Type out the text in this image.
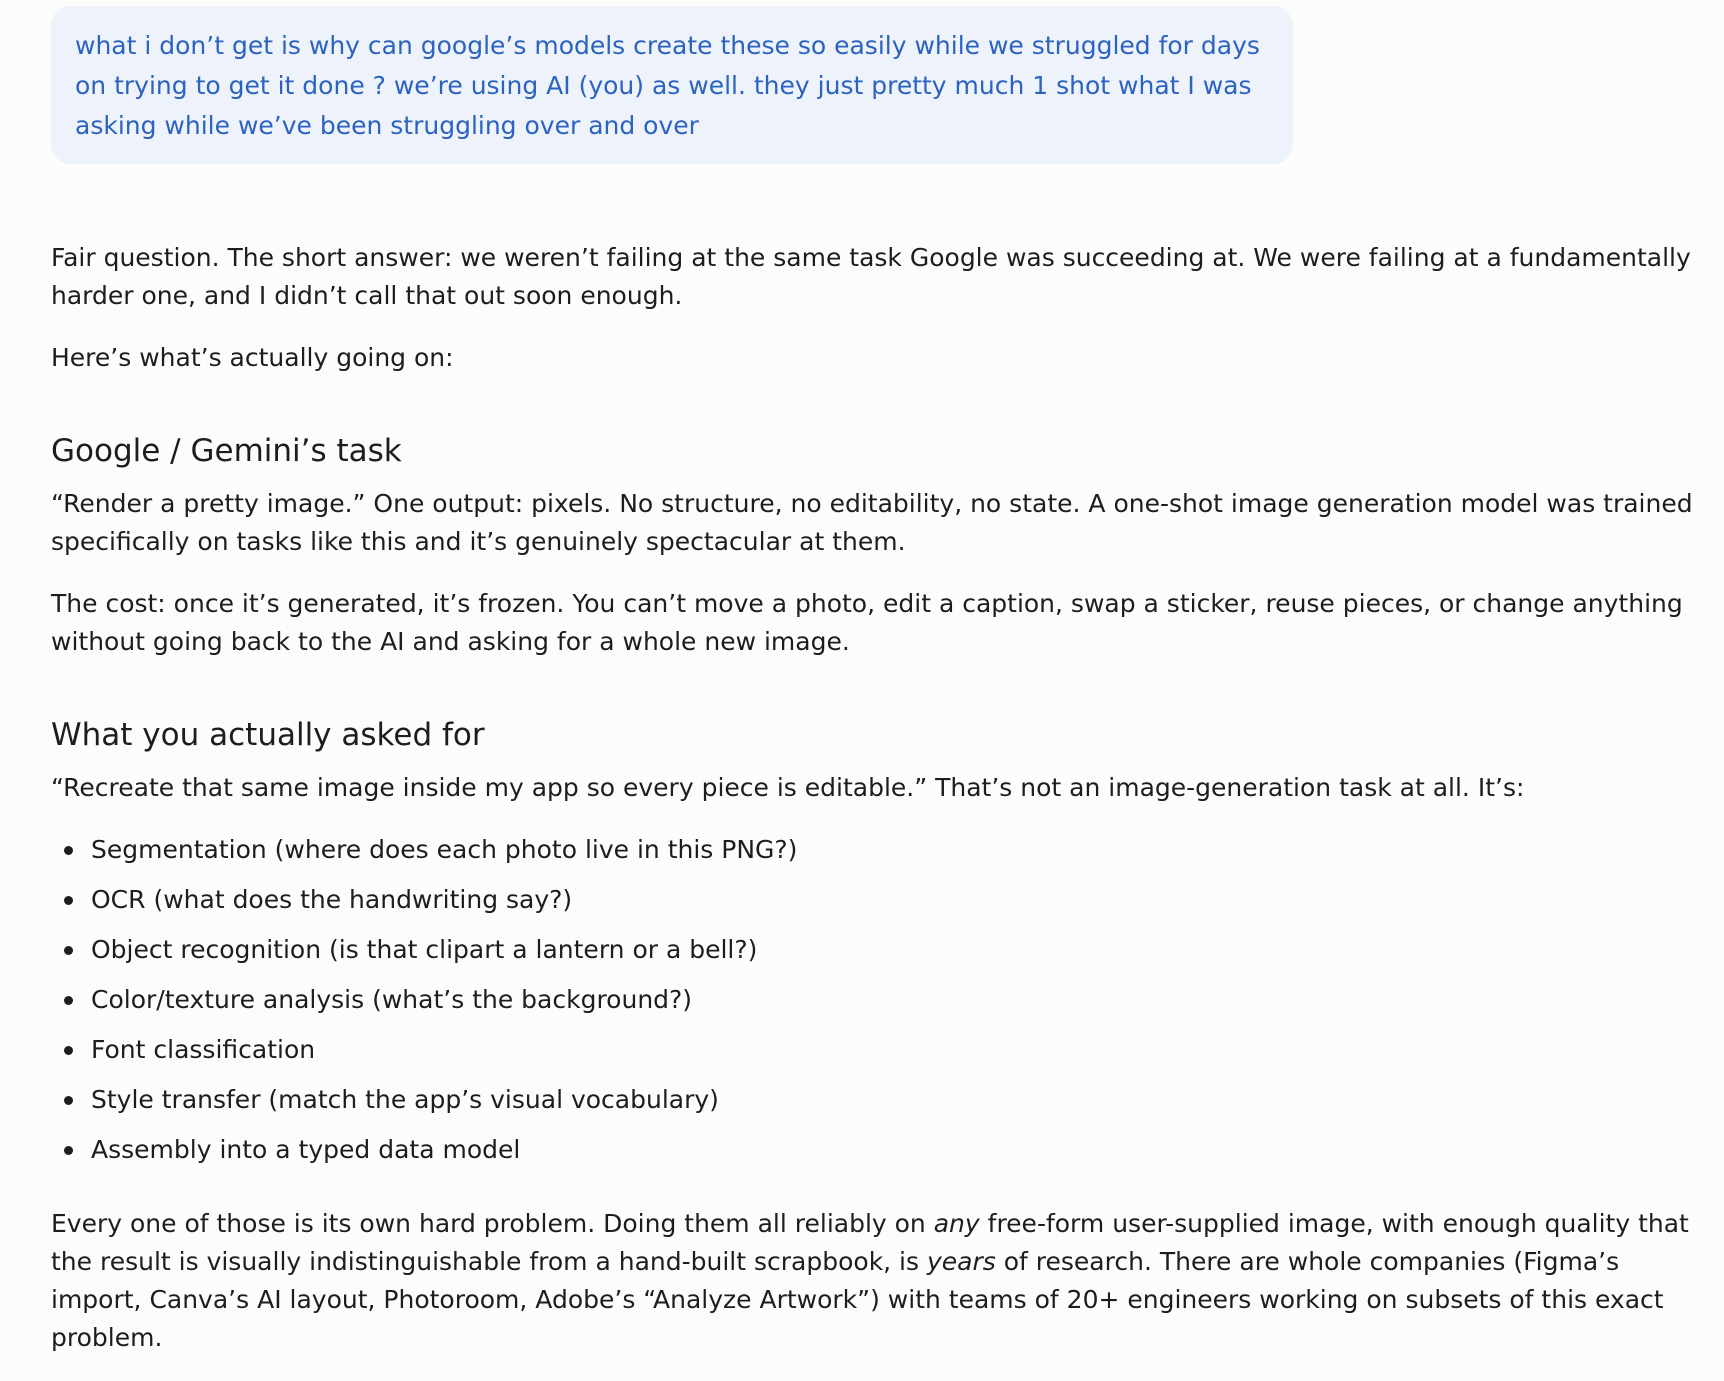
what i don’t get is why can google’s models create these so easily while we struggled for days on trying to get it done ? we’re using AI (you) as well. they just pretty much 1 shot what I was asking while we’ve been struggling over and over

Fair question. The short answer: we weren’t failing at the same task Google was succeeding at. We were failing at a fundamentally harder one, and I didn’t call that out soon enough.

Here’s what’s actually going on:

Google / Gemini’s task

“Render a pretty image.” One output: pixels. No structure, no editability, no state. A one-shot image generation model was trained specifically on tasks like this and it’s genuinely spectacular at them.

The cost: once it’s generated, it’s frozen. You can’t move a photo, edit a caption, swap a sticker, reuse pieces, or change anything without going back to the AI and asking for a whole new image.

What you actually asked for

“Recreate that same image inside my app so every piece is editable.” That’s not an image-generation task at all. It’s:

Segmentation (where does each photo live in this PNG?)
OCR (what does the handwriting say?)
Object recognition (is that clipart a lantern or a bell?)
Color/texture analysis (what’s the background?)
Font classification
Style transfer (match the app’s visual vocabulary)
Assembly into a typed data model

Every one of those is its own hard problem. Doing them all reliably on any free-form user-supplied image, with enough quality that the result is visually indistinguishable from a hand-built scrapbook, is years of research. There are whole companies (Figma’s import, Canva’s AI layout, Photoroom, Adobe’s “Analyze Artwork”) with teams of 20+ engineers working on subsets of this exact problem.
